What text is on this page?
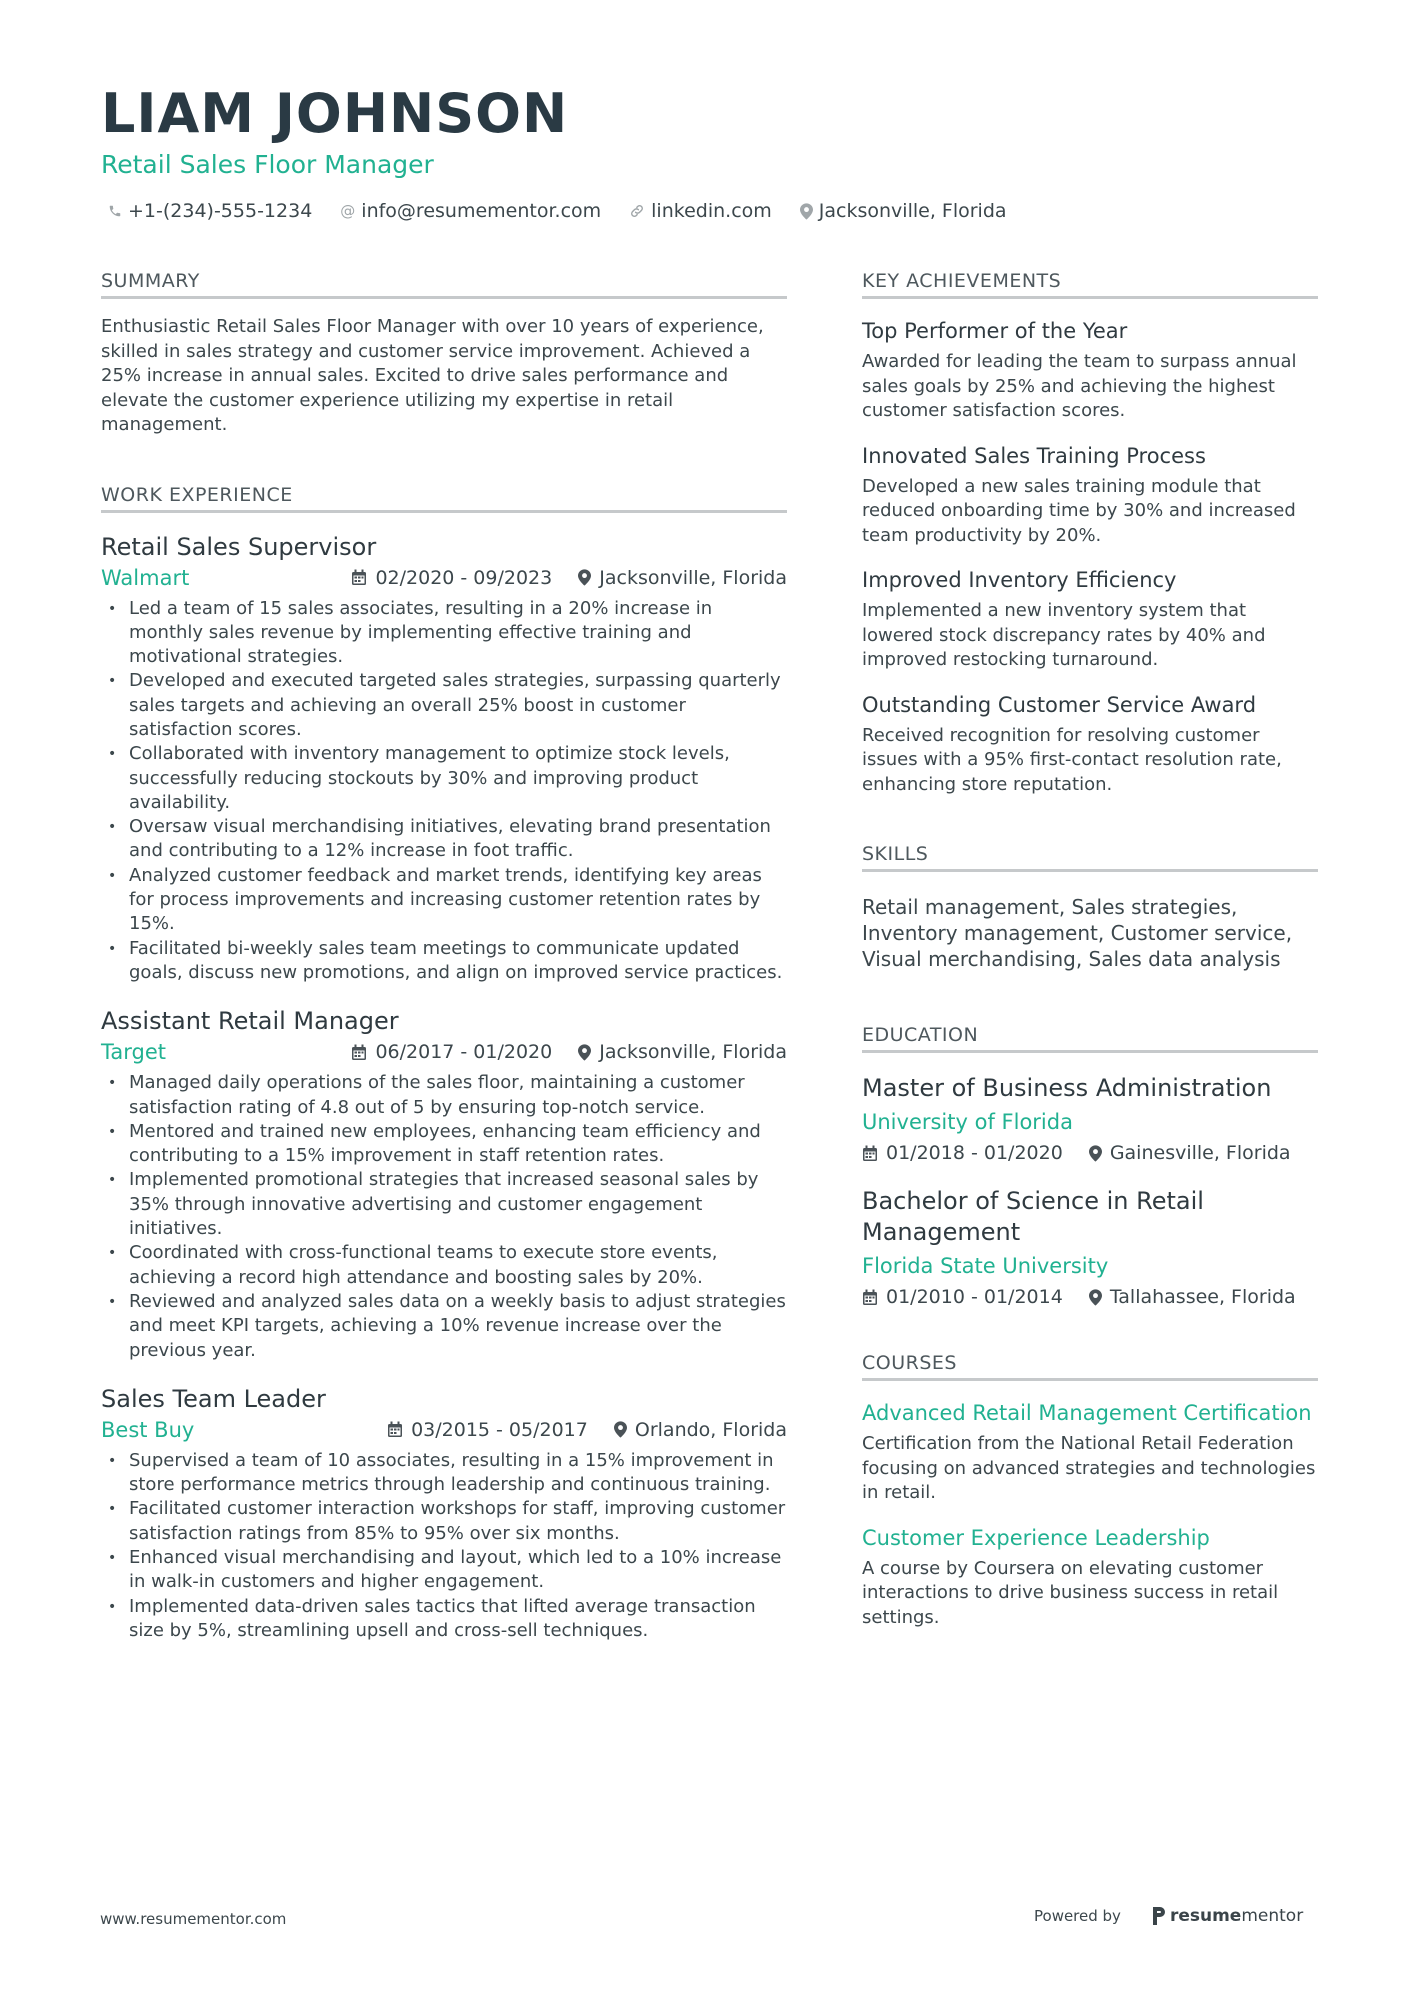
LIAM JOHNSON
Retail Sales Floor Manager
+1-(234)-555-1234 @ info@resumementor.com	linkedin.com Jacksonville, Florida
SUMMARY
Enthusiastic Retail Sales Floor Manager with over 10 years of experience, skilled in sales strategy and customer service improvement. Achieved a 25% increase in annual sales. Excited to drive sales performance and elevate the customer experience utilizing my expertise in retail management.
WORK EXPERIENCE
Retail Sales Supervisor
Walmart	02/2020 - 09/2023 Jacksonville, Florida
• Led a team of 15 sales associates, resulting in a 20% increase in monthly sales revenue by implementing effective training and motivational strategies.
• Developed and executed targeted sales strategies, surpassing quarterly sales targets and achieving an overall 25% boost in customer satisfaction scores.
• Collaborated with inventory management to optimize stock levels, successfully reducing stockouts by 30% and improving product availability.
• Oversaw visual merchandising initiatives, elevating brand presentation and contributing to a 12% increase in foot traffic.
• Analyzed customer feedback and market trends, identifying key areas for process improvements and increasing customer retention rates by 15%.
• Facilitated bi-weekly sales team meetings to communicate updated goals, discuss new promotions, and align on improved service practices.
Assistant Retail Manager
Target	06/2017 - 01/2020 Jacksonville, Florida
• Managed daily operations of the sales floor, maintaining a customer satisfaction rating of 4.8 out of 5 by ensuring top-notch service.
• Mentored and trained new employees, enhancing team efficiency and contributing to a 15% improvement in staff retention rates.
• Implemented promotional strategies that increased seasonal sales by 35% through innovative advertising and customer engagement initiatives.
• Coordinated with cross-functional teams to execute store events, achieving a record high attendance and boosting sales by 20%.
• Reviewed and analyzed sales data on a weekly basis to adjust strategies and meet KPI targets, achieving a 10% revenue increase over the previous year.
Sales Team Leader
Best Buy	03/2015 - 05/2017 Orlando, Florida
• Supervised a team of 10 associates, resulting in a 15% improvement in store performance metrics through leadership and continuous training.
• Facilitated customer interaction workshops for staff, improving customer satisfaction ratings from 85% to 95% over six months.
• Enhanced visual merchandising and layout, which led to a 10% increase in walk-in customers and higher engagement.
• Implemented data-driven sales tactics that lifted average transaction size by 5%, streamlining upsell and cross-sell techniques.
KEY ACHIEVEMENTS
Top Performer of the Year
Awarded for leading the team to surpass annual sales goals by 25% and achieving the highest customer satisfaction scores.
Innovated Sales Training Process
Developed a new sales training module that reduced onboarding time by 30% and increased team productivity by 20%.
Improved Inventory Efficiency
Implemented a new inventory system that lowered stock discrepancy rates by 40% and improved restocking turnaround.
Outstanding Customer Service Award
Received recognition for resolving customer issues with a 95% first-contact resolution rate, enhancing store reputation.
SKILLS
Retail management, Sales strategies, Inventory management, Customer service, Visual merchandising, Sales data analysis
EDUCATION
Master of Business Administration
University of Florida
01/2018 - 01/2020 Gainesville, Florida
Bachelor of Science in Retail Management
Florida State University
01/2010 - 01/2014 Tallahassee, Florida
COURSES
Advanced Retail Management Certification
Certification from the National Retail Federation focusing on advanced strategies and technologies in retail.
Customer Experience Leadership
A course by Coursera on elevating customer interactions to drive business success in retail settings.
www.resumementor.com	Powered by	resume mentor
